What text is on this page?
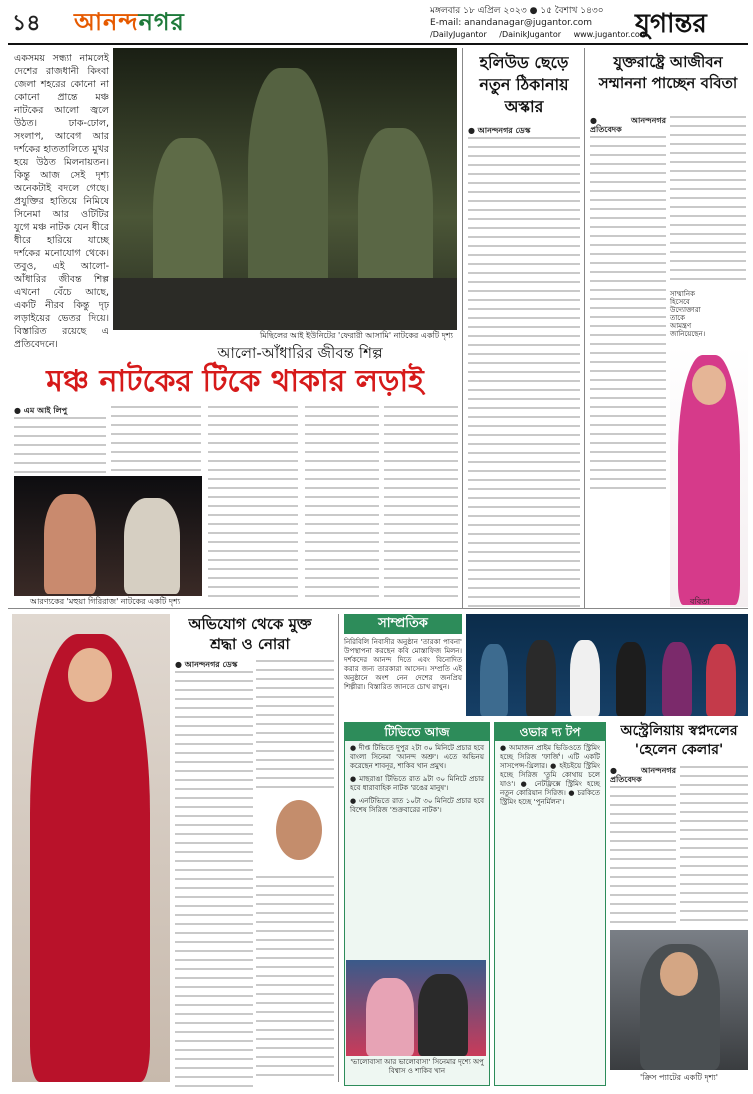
১৪ আনন্দনগর	মঙ্গলবার ১৮ এপ্রিল ২০২৩ ● ১৫ বৈশাখ ১৪৩০
E-mail: anandanagar@jugantor.com	যুগান্তর
/DailyJugantor /DainikJugantor www.jugantor.com
একসময় সন্ধ্যা নামলেই দেশের রাজধানী কিংবা জেলা শহরের কোনো না কোনো প্রান্তে মঞ্চ নাটকের আলো জ্বলে উঠত। ঢাক-ঢোল, সংলাপ, আবেগ আর দর্শকের হাততালিতে মুখর হয়ে উঠত মিলনায়তন। কিন্তু আজ সেই দৃশ্য অনেকটাই বদলে গেছে। প্রযুক্তির হাতিয়ে নিমিষে সিনেমা আর ওটিটির যুগে মঞ্চ নাটক যেন ধীরে ধীরে হারিয়ে যাচ্ছে দর্শকের মনোযোগ থেকে। তবুও, এই আলো-আঁধারির জীবন্ত শিল্প এখনো বেঁচে আছে, একটি নীরব কিন্তু দৃঢ় লড়াইয়ের ভেতর দিয়ে। বিস্তারিত রয়েছে এ প্রতিবেদনে।
মিছিলের আই ইউনিটের 'ফেরারী আসামি' নাটকের একটি দৃশ্য
আলো-আঁধারির জীবন্ত শিল্প
মঞ্চ নাটকের টিকে থাকার লড়াই
● এম আই লিপু
আরণ্যকের 'মহুয়া গিরিরাজ' নাটকের একটি দৃশ্য
হলিউড ছেড়ে নতুন ঠিকানায় অস্কার
● আনন্দনগর ডেস্ক
যুক্তরাষ্ট্রে আজীবন সম্মাননা পাচ্ছেন ববিতা
● আনন্দনগর প্রতিবেদক
সাম্মানিক
হিসেবে
উদ্যোক্তারা
তাকে
আমন্ত্রণ
জানিয়েছেন।
ববিতা
অভিযোগ থেকে মুক্ত শ্রদ্ধা ও নোরা
● আনন্দনগর ডেস্ক
সাম্প্রতিক
নিরিবিলি নিবাসীর অনুষ্ঠান 'তারকা পাবনা' উপস্থাপনা করছেন কবি মোস্তাফিজ মিলন। দর্শকদের আনন্দ দিতে এবং বিনোদিত করার জন্য তারকারা আসেন। সম্প্রতি এই অনুষ্ঠানে অংশ নেন দেশের জনপ্রিয় শিল্পীরা। বিস্তারিত জানতে চোখ রাখুন।
টিভিতে আজ
● দীপ্ত টিভিতে দুপুর ২টা ৩০ মিনিটে প্রচার হবে বাংলা সিনেমা 'আনন্দ অশ্রু'। এতে অভিনয় করেছেন শাবনূর, শাকিব খান প্রমুখ।
● মাছরাঙা টিভিতে রাত ৯টা ৩০ মিনিটে প্রচার হবে ধারাবাহিক নাটক 'রঙের মানুষ'।
● এনটিভিতে রাত ১০টা ৩০ মিনিটে প্রচার হবে বিশেষ সিরিজ 'শুক্রবারের নাটক'।
'ভালোবাসা আর ভালোবাসা' সিনেমার দৃশ্যে অপু বিশ্বাস ও শাকিব খান
ওভার দ্য টপ
● আমাজন প্রাইম ভিডিওতে স্ট্রিমিং হচ্ছে সিরিজ 'ফার্জি'। এটি একটি সাসপেন্স-থ্রিলার। ● হইচইয়ে স্ট্রিমিং হচ্ছে সিরিজ 'তুমি কোথায় চলে যাও'। ● নেটফ্লিক্সে স্ট্রিমিং হচ্ছে নতুন কোরিয়ান সিরিজ। ● চরকিতে স্ট্রিমিং হচ্ছে 'পুনর্মিলন'।
অস্ট্রেলিয়ায় স্বপ্নদলের 'হেলেন কেলার'
● আনন্দনগর প্রতিবেদক
'ক্রিস প্যাটের একটি দৃশ্য'
